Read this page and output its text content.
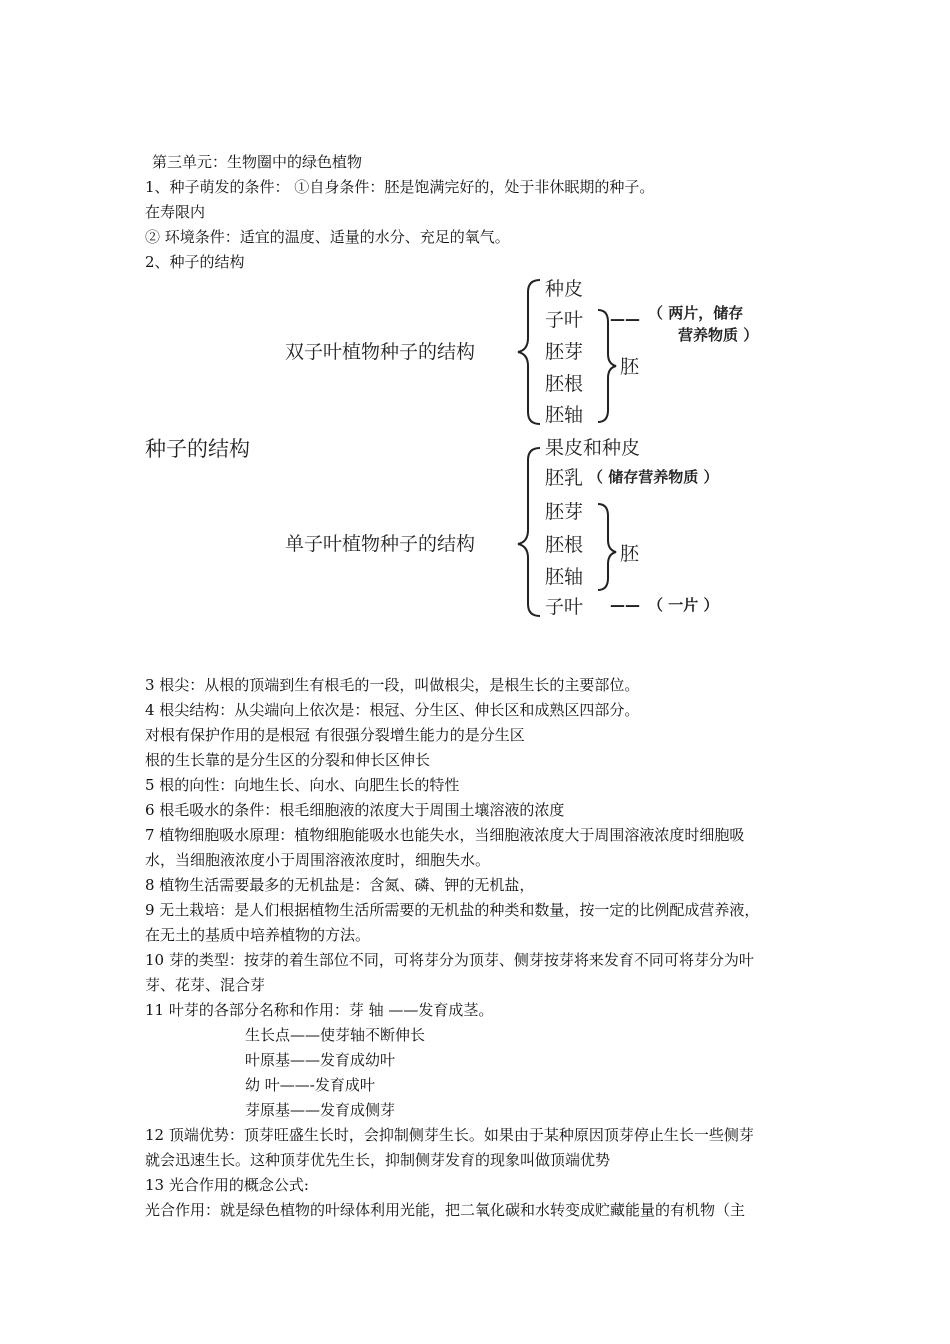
第三单元：生物圈中的绿色植物
1、种子萌发的条件： ①自身条件：胚是饱满完好的，处于非休眠期的种子。
在寿限内
② 环境条件：适宜的温度、适量的水分、充足的氧气。
2、种子的结构
种子的结构
双子叶植物种子的结构
种皮
子叶
胚芽
胚根
胚轴
—— （ 两片，储存
营养物质 ）
胚
单子叶植物种子的结构
果皮和种皮
胚乳
胚芽
胚根
胚轴
子叶
（ 储存营养物质 ）
胚
—— （ 一片 ）
3 根尖：从根的顶端到生有根毛的一段，叫做根尖，是根生长的主要部位。
4 根尖结构：从尖端向上依次是：根冠、分生区、伸长区和成熟区四部分。
对根有保护作用的是根冠 有很强分裂增生能力的是分生区
根的生长靠的是分生区的分裂和伸长区伸长
5 根的向性：向地生长、向水、向肥生长的特性
6 根毛吸水的条件：根毛细胞液的浓度大于周围土壤溶液的浓度
7 植物细胞吸水原理：植物细胞能吸水也能失水，当细胞液浓度大于周围溶液浓度时细胞吸
水，当细胞液浓度小于周围溶液浓度时，细胞失水。
8 植物生活需要最多的无机盐是：含氮、磷、钾的无机盐，
9 无土栽培：是人们根据植物生活所需要的无机盐的种类和数量，按一定的比例配成营养液，
在无土的基质中培养植物的方法。
10 芽的类型：按芽的着生部位不同，可将芽分为顶芽、侧芽按芽将来发育不同可将芽分为叶
芽、花芽、混合芽
11 叶芽的各部分名称和作用：芽 轴 ——发育成茎。
生长点——使芽轴不断伸长
叶原基——发育成幼叶
幼 叶——-发育成叶
芽原基——发育成侧芽
12 顶端优势：顶芽旺盛生长时，会抑制侧芽生长。如果由于某种原因顶芽停止生长一些侧芽
就会迅速生长。这种顶芽优先生长，抑制侧芽发育的现象叫做顶端优势
13 光合作用的概念公式:
光合作用：就是绿色植物的叶绿体利用光能，把二氧化碳和水转变成贮藏能量的有机物（主
